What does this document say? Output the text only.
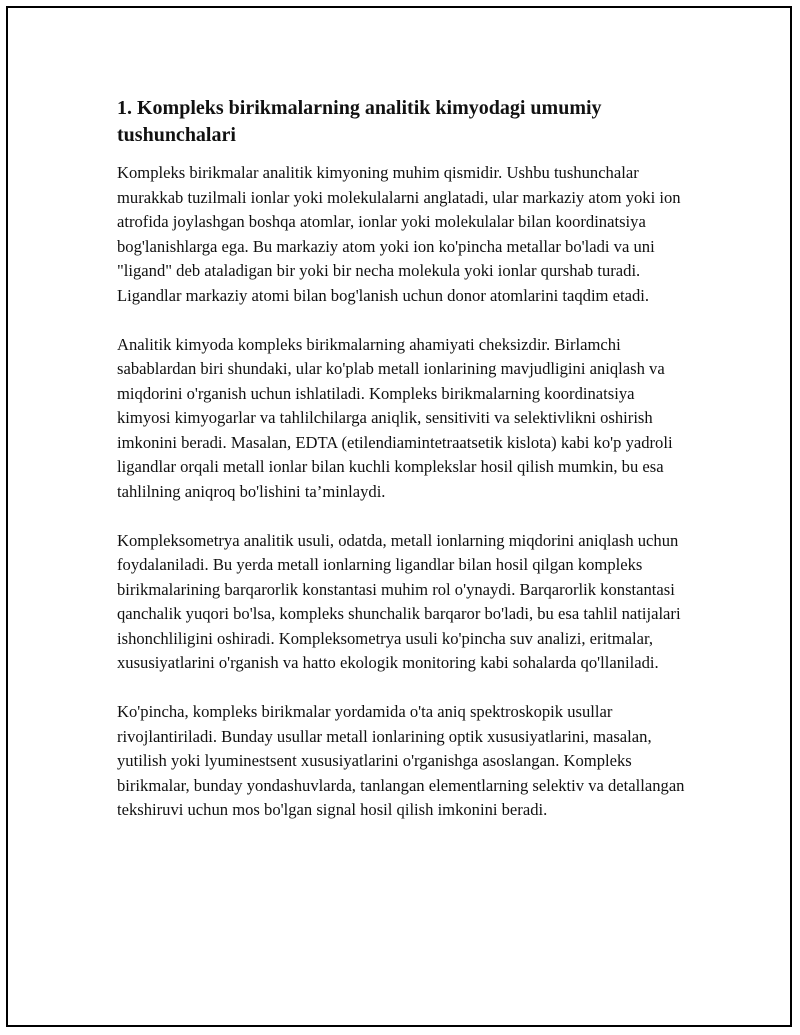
1. Kompleks birikmalarning analitik kimyodagi umumiy tushunchalari

Kompleks birikmalar analitik kimyoning muhim qismidir. Ushbu tushunchalar murakkab tuzilmali ionlar yoki molekulalarni anglatadi, ular markaziy atom yoki ion atrofida joylashgan boshqa atomlar, ionlar yoki molekulalar bilan koordinatsiya bog'lanishlarga ega. Bu markaziy atom yoki ion ko'pincha metallar bo'ladi va uni "ligand" deb ataladigan bir yoki bir necha molekula yoki ionlar qurshab turadi. Ligandlar markaziy atomi bilan bog'lanish uchun donor atomlarini taqdim etadi.

Analitik kimyoda kompleks birikmalarning ahamiyati cheksizdir. Birlamchi sabablardan biri shundaki, ular ko'plab metall ionlarining mavjudligini aniqlash va miqdorini o'rganish uchun ishlatiladi. Kompleks birikmalarning koordinatsiya kimyosi kimyogarlar va tahlilchilarga aniqlik, sensitiviti va selektivlikni oshirish imkonini beradi. Masalan, EDTA (etilendiamintetraatsetik kislota) kabi ko'p yadroli ligandlar orqali metall ionlar bilan kuchli komplekslar hosil qilish mumkin, bu esa tahlilning aniqroq bo'lishini ta’minlaydi.

Kompleksometrya analitik usuli, odatda, metall ionlarning miqdorini aniqlash uchun foydalaniladi. Bu yerda metall ionlarning ligandlar bilan hosil qilgan kompleks birikmalarining barqarorlik konstantasi muhim rol o'ynaydi. Barqarorlik konstantasi qanchalik yuqori bo'lsa, kompleks shunchalik barqaror bo'ladi, bu esa tahlil natijalari ishonchliligini oshiradi. Kompleksometrya usuli ko'pincha suv analizi, eritmalar, xususiyatlarini o'rganish va hatto ekologik monitoring kabi sohalarda qo'llaniladi.

Ko'pincha, kompleks birikmalar yordamida o'ta aniq spektroskopik usullar rivojlantiriladi. Bunday usullar metall ionlarining optik xususiyatlarini, masalan, yutilish yoki lyuminestsent xususiyatlarini o'rganishga asoslangan. Kompleks birikmalar, bunday yondashuvlarda, tanlangan elementlarning selektiv va detallangan tekshiruvi uchun mos bo'lgan signal hosil qilish imkonini beradi.
